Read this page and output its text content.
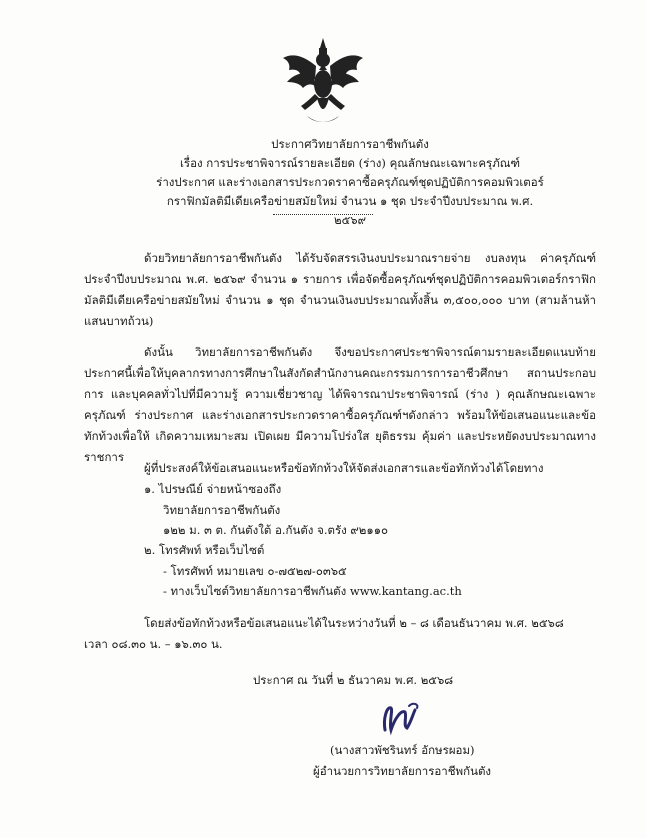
ประกาศวิทยาลัยการอาชีพกันตัง
เรื่อง การประชาพิจารณ์รายละเอียด (ร่าง) คุณลักษณะเฉพาะครุภัณฑ์
ร่างประกาศ และร่างเอกสารประกวดราคาซื้อครุภัณฑ์ชุดปฏิบัติการคอมพิวเตอร์
กราฟิกมัลติมีเดียเครือข่ายสมัยใหม่ จำนวน ๑ ชุด ประจำปีงบประมาณ พ.ศ. ๒๕๖๙
ด้วยวิทยาลัยการอาชีพกันตัง ได้รับจัดสรรเงินงบประมาณรายจ่าย งบลงทุน ค่าครุภัณฑ์ ประจำปีงบประมาณ พ.ศ. ๒๕๖๙ จำนวน ๑ รายการ เพื่อจัดซื้อครุภัณฑ์ชุดปฏิบัติการคอมพิวเตอร์กราฟิก มัลติมีเดียเครือข่ายสมัยใหม่ จำนวน ๑ ชุด จำนวนเงินงบประมาณทั้งสิ้น ๓,๕๐๐,๐๐๐ บาท (สามล้านห้าแสนบาทถ้วน)
ดังนั้น วิทยาลัยการอาชีพกันตัง จึงขอประกาศประชาพิจารณ์ตามรายละเอียดแนบท้าย ประกาศนี้เพื่อให้บุคลากรทางการศึกษาในสังกัดสำนักงานคณะกรรมการการอาชีวศึกษา สถานประกอบการ และบุคคลทั่วไปที่มีความรู้ ความเชี่ยวชาญ ได้พิจารณาประชาพิจารณ์ (ร่าง ) คุณลักษณะเฉพาะครุภัณฑ์ ร่างประกาศ และร่างเอกสารประกวดราคาซื้อครุภัณฑ์ฯดังกล่าว พร้อมให้ข้อเสนอแนะและข้อทักท้วงเพื่อให้ เกิดความเหมาะสม เปิดเผย มีความโปร่งใส ยุติธรรม คุ้มค่า และประหยัดงบประมาณทางราชการ
ผู้ที่ประสงค์ให้ข้อเสนอแนะหรือข้อทักท้วงให้จัดส่งเอกสารและข้อทักท้วงได้โดยทาง
๑. ไปรษณีย์ จ่ายหน้าซองถึง
วิทยาลัยการอาชีพกันตัง
๑๒๒ ม. ๓ ต. กันตังใต้ อ.กันตัง จ.ตรัง ๙๒๑๑๐
๒. โทรศัพท์ หรือเว็บไซต์
- โทรศัพท์ หมายเลข ๐-๗๕๒๗-๐๓๖๕
- ทางเว็บไซต์วิทยาลัยการอาชีพกันตัง www.kantang.ac.th
โดยส่งข้อทักท้วงหรือข้อเสนอแนะได้ในระหว่างวันที่ ๒ – ๘ เดือนธันวาคม พ.ศ. ๒๕๖๘
เวลา ๐๘.๓๐ น. – ๑๖.๓๐ น.
ประกาศ ณ วันที่ ๒ ธันวาคม พ.ศ. ๒๕๖๘
(นางสาวพัชรินทร์ อักษรผอม)
ผู้อำนวยการวิทยาลัยการอาชีพกันตัง
